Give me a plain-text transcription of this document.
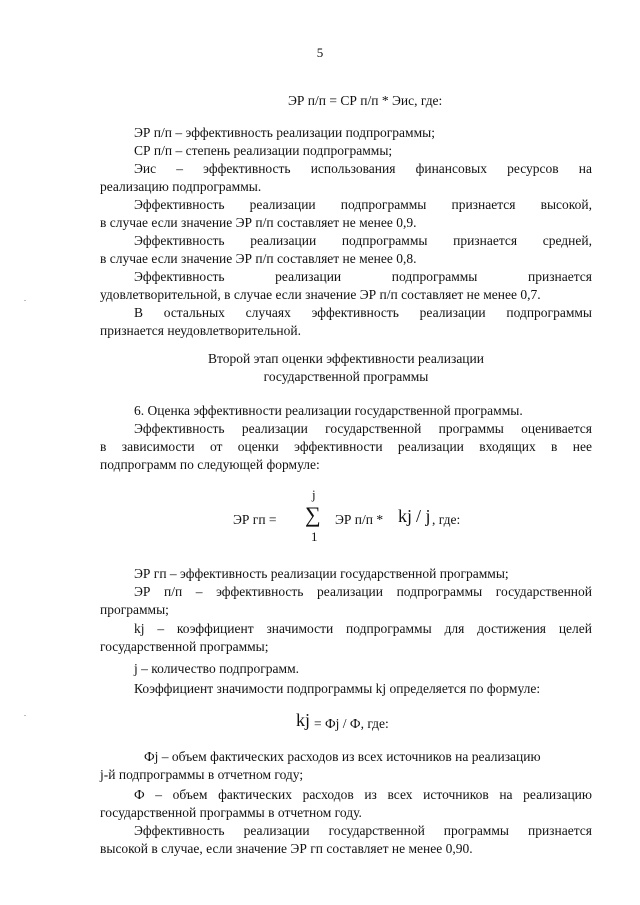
5
ЭР п/п = СР п/п * Эис, где:
ЭР п/п – эффективность реализации подпрограммы;
СР п/п – степень реализации подпрограммы;
Эис – эффективность использования финансовых ресурсов на
реализацию подпрограммы.
Эффективность реализации подпрограммы признается высокой,
в случае если значение ЭР п/п составляет не менее 0,9.
Эффективность реализации подпрограммы признается средней,
в случае если значение ЭР п/п составляет не менее 0,8.
Эффективность реализации подпрограммы признается
удовлетворительной, в случае если значение ЭР п/п составляет не менее 0,7.
В остальных случаях эффективность реализации подпрограммы
признается неудовлетворительной.
Второй этап оценки эффективности реализации
государственной программы
6. Оценка эффективности реализации государственной программы.
Эффективность реализации государственной программы оценивается
в зависимости от оценки эффективности реализации входящих в нее
подпрограмм по следующей формуле:
ЭР гп =
j
∑
1
ЭР п/п * kj / j , где:
ЭР гп – эффективность реализации государственной программы;
ЭР п/п – эффективность реализации подпрограммы государственной
программы;
kj – коэффициент значимости подпрограммы для достижения целей
государственной программы;
j – количество подпрограмм.
Коэффициент значимости подпрограммы kj определяется по формуле:
kj = Фj / Ф, где:
Фj – объем фактических расходов из всех источников на реализацию
j-й подпрограммы в отчетном году;
Ф – объем фактических расходов из всех источников на реализацию
государственной программы в отчетном году.
Эффективность реализации государственной программы признается
высокой в случае, если значение ЭР гп составляет не менее 0,90.
